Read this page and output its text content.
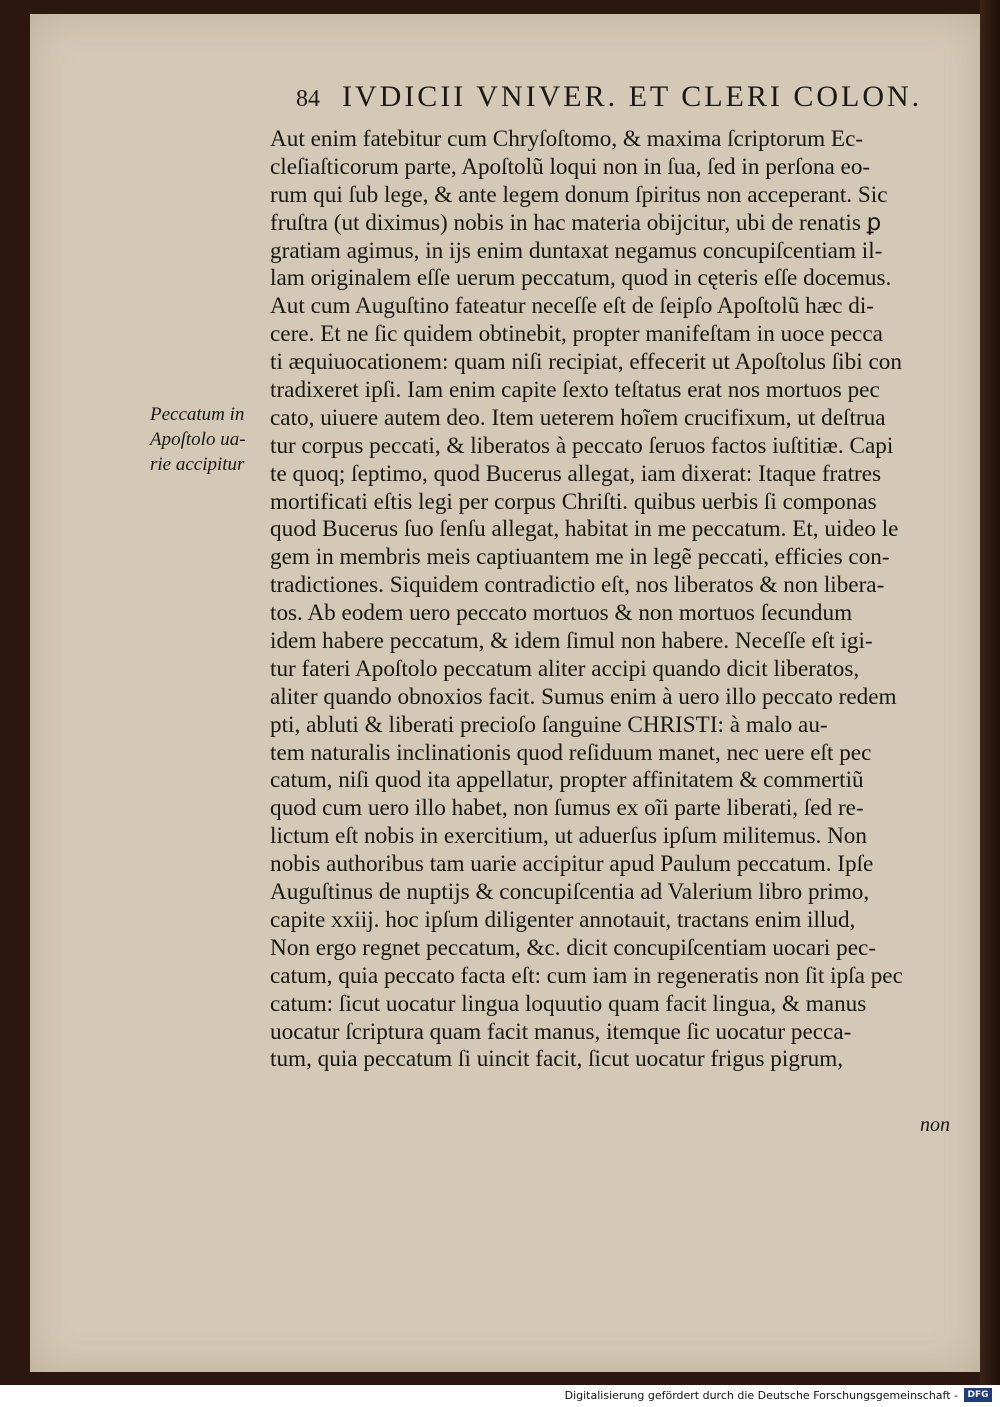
84 IVDICII VNIVER. ET CLERI COLON.
Peccatum in
Apoſtolo ua-
rie accipitur
Aut enim fatebitur cum Chryſoſtomo, & maxima ſcriptorum Ec-
cleſiaſticorum parte, Apoſtolũ loqui non in ſua, ſed in perſona eo-
rum qui ſub lege, & ante legem donum ſpiritus non acceperant. Sic
fruſtra (ut diximus) nobis in hac materia obijcitur, ubi de renatis ꝑ
gratiam agimus, in ijs enim duntaxat negamus concupiſcentiam il-
lam originalem eſſe uerum peccatum, quod in cęteris eſſe docemus.
Aut cum Auguſtino fateatur neceſſe eſt de ſeipſo Apoſtolũ hæc di-
cere. Et ne ſic quidem obtinebit, propter manifeſtam in uoce pecca
ti æquiuocationem: quam niſi recipiat, effecerit ut Apoſtolus ſibi con
tradixeret ipſi. Iam enim capite ſexto teſtatus erat nos mortuos pec
cato, uiuere autem deo. Item ueterem hoĩem crucifixum, ut deſtrua
tur corpus peccati, & liberatos à peccato ſeruos factos iuſtitiæ. Capi
te quoq; ſeptimo, quod Bucerus allegat, iam dixerat: Itaque fratres
mortificati eſtis legi per corpus Chriſti. quibus uerbis ſi componas
quod Bucerus ſuo ſenſu allegat, habitat in me peccatum. Et, uideo le
gem in membris meis captiuantem me in legẽ peccati, efficies con-
tradictiones. Siquidem contradictio eſt, nos liberatos & non libera-
tos. Ab eodem uero peccato mortuos & non mortuos ſecundum
idem habere peccatum, & idem ſimul non habere. Neceſſe eſt igi-
tur fateri Apoſtolo peccatum aliter accipi quando dicit liberatos,
aliter quando obnoxios facit. Sumus enim à uero illo peccato redem
pti, abluti & liberati precioſo ſanguine CHRISTI: à malo au-
tem naturalis inclinationis quod reſiduum manet, nec uere eſt pec
catum, niſi quod ita appellatur, propter affinitatem & commertiũ
quod cum uero illo habet, non ſumus ex oĩi parte liberati, ſed re-
lictum eſt nobis in exercitium, ut aduerſus ipſum militemus. Non
nobis authoribus tam uarie accipitur apud Paulum peccatum. Ipſe
Auguſtinus de nuptijs & concupiſcentia ad Valerium libro primo,
capite xxiij. hoc ipſum diligenter annotauit, tractans enim illud,
Non ergo regnet peccatum, &c. dicit concupiſcentiam uocari pec-
catum, quia peccato facta eſt: cum iam in regeneratis non ſit ipſa pec
catum: ſicut uocatur lingua loquutio quam facit lingua, & manus
uocatur ſcriptura quam facit manus, itemque ſic uocatur pecca-
tum, quia peccatum ſi uincit facit, ſicut uocatur frigus pigrum,
non
Digitalisierung gefördert durch die Deutsche Forschungsgemeinschaft -	DFG
